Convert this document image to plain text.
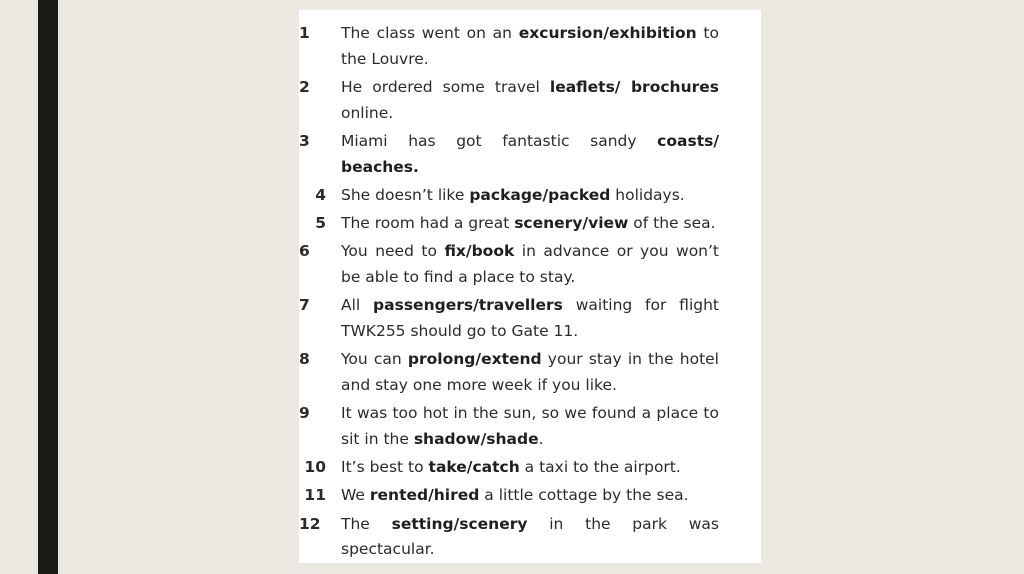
1	The class went on an excursion/exhibition to the Louvre.
2	He ordered some travel leaflets/ brochures online.
3	Miami has got fantastic sandy coasts/ beaches.
4 She doesn’t like package/packed holidays.
5 The room had a great scenery/view of the sea.
6	You need to fix/book in advance or you won’t be able to find a place to stay.
7	All passengers/travellers waiting for flight TWK255 should go to Gate 11.
8	You can prolong/extend your stay in the hotel and stay one more week if you like.
9	It was too hot in the sun, so we found a place to sit in the shadow/shade.
10 It’s best to take/catch a taxi to the airport.
11 We rented/hired a little cottage by the sea.
12	The setting/scenery in the park was spectacular.
